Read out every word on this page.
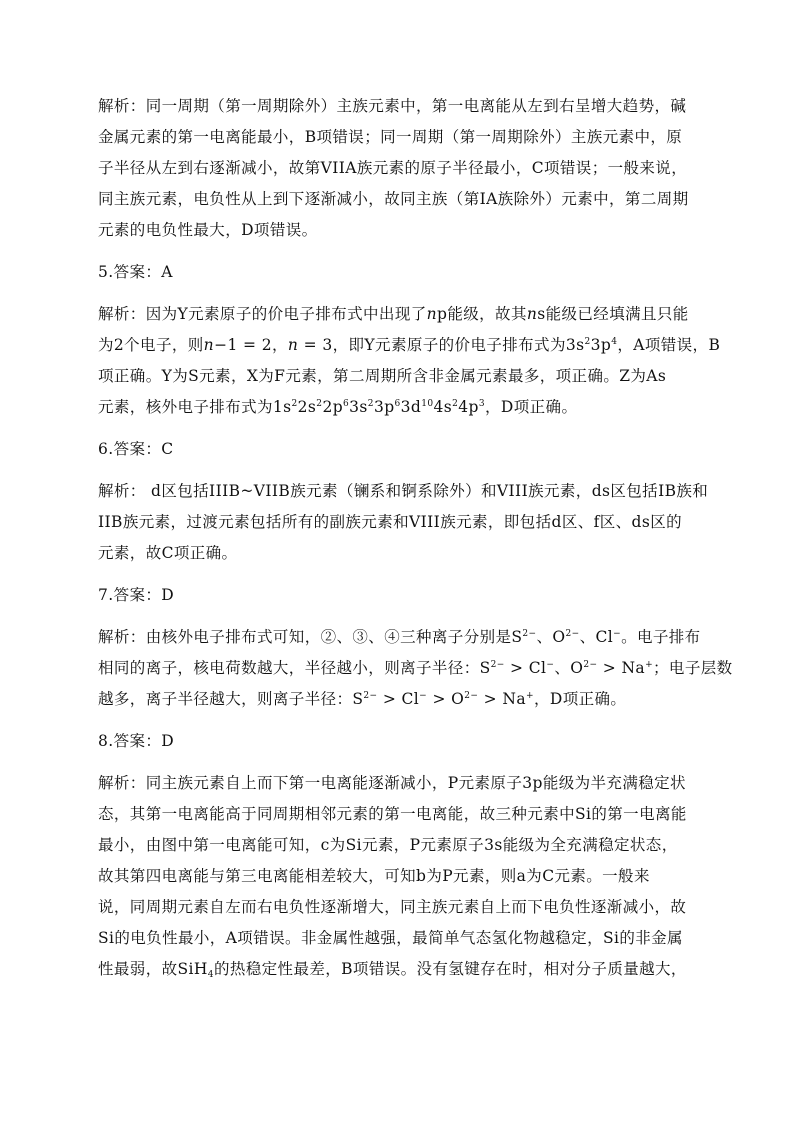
解析：同一周期（第一周期除外）主族元素中，第一电离能从左到右呈增大趋势，碱
金属元素的第一电离能最小，B项错误；同一周期（第一周期除外）主族元素中，原
子半径从左到右逐渐减小，故第VIIA族元素的原子半径最小，C项错误；一般来说，
同主族元素，电负性从上到下逐渐减小，故同主族（第IA族除外）元素中，第二周期
元素的电负性最大，D项错误。
5.答案：A
解析：因为Y元素原子的价电子排布式中出现了np能级，故其ns能级已经填满且只能
为2个电子，则n−1 = 2，n = 3，即Y元素原子的价电子排布式为$3s^23p^4$，A项错误，B
项正确。Y为S元素，X为F元素，第二周期所含非金属元素最多，项正确。Z为As
元素，核外电子排布式为$1s^22s^22p^63s^23p^63d^{10}4s^24p^3$，D项正确。
6.答案：C
解析： d区包括IIIB~VIIB族元素（镧系和锕系除外）和VIII族元素，ds区包括IB族和
IIB族元素，过渡元素包括所有的副族元素和VIII族元素，即包括d区、f区、ds区的
元素，故C项正确。
7.答案：D
解析：由核外电子排布式可知，②、③、④三种离子分别是$S^{2-}$、$O^{2-}$、Cl−。电子排布
相同的离子，核电荷数越大，半径越小，则离子半径：$S^{2-} > Cl^-$、$O^{2-} > Na^+$；电子层数
越多，离子半径越大，则离子半径：$S^{2-} > Cl^- > O^{2-} > Na^+$，D项正确。
8.答案：D
解析：同主族元素自上而下第一电离能逐渐减小，P元素原子3p能级为半充满稳定状
态，其第一电离能高于同周期相邻元素的第一电离能，故三种元素中Si的第一电离能
最小，由图中第一电离能可知，c为Si元素，P元素原子3s能级为全充满稳定状态，
故其第四电离能与第三电离能相差较大，可知b为P元素，则a为C元素。一般来
说，同周期元素自左而右电负性逐渐增大，同主族元素自上而下电负性逐渐减小，故
Si的电负性最小，A项错误。非金属性越强，最简单气态氢化物越稳定，Si的非金属
性最弱，故SiH$_4$的热稳定性最差，B项错误。没有氢键存在时，相对分子质量越大，
